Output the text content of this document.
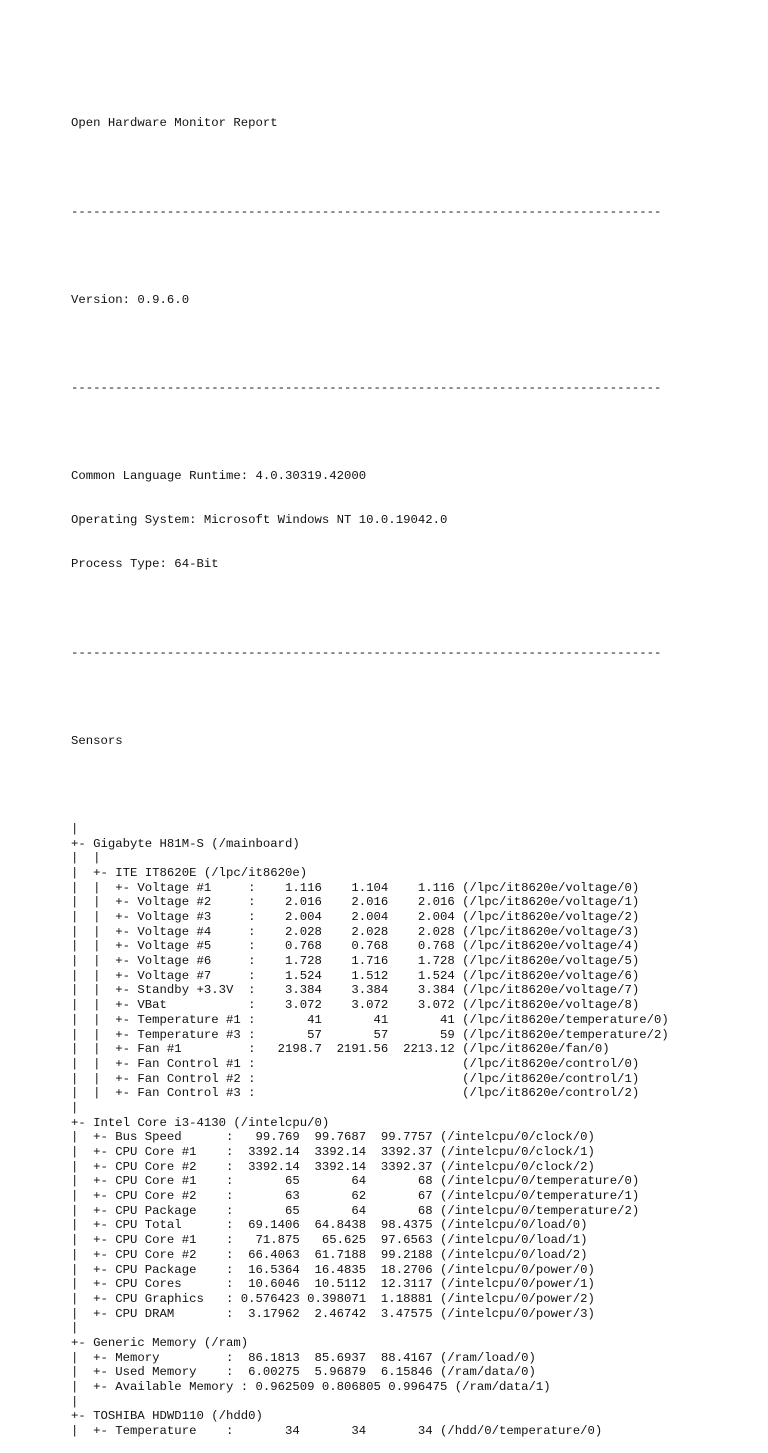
Open Hardware Monitor Report

--------------------------------------------------------------------------------

Version: 0.9.6.0

--------------------------------------------------------------------------------

Common Language Runtime: 4.0.30319.42000

Operating System: Microsoft Windows NT 10.0.19042.0

Process Type: 64-Bit

--------------------------------------------------------------------------------

Sensors

|
+- Gigabyte H81M-S (/mainboard)
|  |
|  +- ITE IT8620E (/lpc/it8620e)
|  |  +- Voltage #1     :    1.116    1.104    1.116 (/lpc/it8620e/voltage/0)
|  |  +- Voltage #2     :    2.016    2.016    2.016 (/lpc/it8620e/voltage/1)
|  |  +- Voltage #3     :    2.004    2.004    2.004 (/lpc/it8620e/voltage/2)
|  |  +- Voltage #4     :    2.028    2.028    2.028 (/lpc/it8620e/voltage/3)
|  |  +- Voltage #5     :    0.768    0.768    0.768 (/lpc/it8620e/voltage/4)
|  |  +- Voltage #6     :    1.728    1.716    1.728 (/lpc/it8620e/voltage/5)
|  |  +- Voltage #7     :    1.524    1.512    1.524 (/lpc/it8620e/voltage/6)
|  |  +- Standby +3.3V  :    3.384    3.384    3.384 (/lpc/it8620e/voltage/7)
|  |  +- VBat           :    3.072    3.072    3.072 (/lpc/it8620e/voltage/8)
|  |  +- Temperature #1 :       41       41       41 (/lpc/it8620e/temperature/0)
|  |  +- Temperature #3 :       57       57       59 (/lpc/it8620e/temperature/2)
|  |  +- Fan #1         :   2198.7  2191.56  2213.12 (/lpc/it8620e/fan/0)
|  |  +- Fan Control #1 :                            (/lpc/it8620e/control/0)
|  |  +- Fan Control #2 :                            (/lpc/it8620e/control/1)
|  |  +- Fan Control #3 :                            (/lpc/it8620e/control/2)
|
+- Intel Core i3-4130 (/intelcpu/0)
|  +- Bus Speed      :   99.769  99.7687  99.7757 (/intelcpu/0/clock/0)
|  +- CPU Core #1    :  3392.14  3392.14  3392.37 (/intelcpu/0/clock/1)
|  +- CPU Core #2    :  3392.14  3392.14  3392.37 (/intelcpu/0/clock/2)
|  +- CPU Core #1    :       65       64       68 (/intelcpu/0/temperature/0)
|  +- CPU Core #2    :       63       62       67 (/intelcpu/0/temperature/1)
|  +- CPU Package    :       65       64       68 (/intelcpu/0/temperature/2)
|  +- CPU Total      :  69.1406  64.8438  98.4375 (/intelcpu/0/load/0)
|  +- CPU Core #1    :   71.875   65.625  97.6563 (/intelcpu/0/load/1)
|  +- CPU Core #2    :  66.4063  61.7188  99.2188 (/intelcpu/0/load/2)
|  +- CPU Package    :  16.5364  16.4835  18.2706 (/intelcpu/0/power/0)
|  +- CPU Cores      :  10.6046  10.5112  12.3117 (/intelcpu/0/power/1)
|  +- CPU Graphics   : 0.576423 0.398071  1.18881 (/intelcpu/0/power/2)
|  +- CPU DRAM       :  3.17962  2.46742  3.47575 (/intelcpu/0/power/3)
|
+- Generic Memory (/ram)
|  +- Memory         :  86.1813  85.6937  88.4167 (/ram/load/0)
|  +- Used Memory    :  6.00275  5.96879  6.15846 (/ram/data/0)
|  +- Available Memory : 0.962509 0.806805 0.996475 (/ram/data/1)
|
+- TOSHIBA HDWD110 (/hdd0)
|  +- Temperature    :       34       34       34 (/hdd/0/temperature/0)
